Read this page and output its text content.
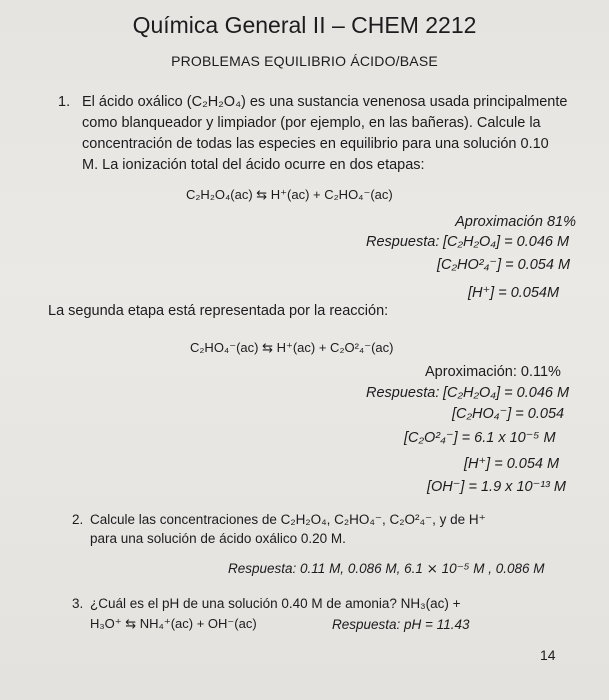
Química General II – CHEM 2212
PROBLEMAS EQUILIBRIO ÁCIDO/BASE
1. El ácido oxálico (C₂H₂O₄) es una sustancia venenosa usada principalmente
como blanqueador y limpiador (por ejemplo, en las bañeras). Calcule la
concentración de todas las especies en equilibrio para una solución 0.10
M. La ionización total del ácido ocurre en dos etapas:
C₂H₂O₄(ac) ⇆ H⁺(ac) + C₂HO₄⁻(ac)
Aproximación 81%
Respuesta: [C₂H₂O₄] = 0.046 M
[C₂HO²₄⁻] = 0.054 M
[H⁺] = 0.054M
La segunda etapa está representada por la reacción:
C₂HO₄⁻(ac) ⇆ H⁺(ac) + C₂O²₄⁻(ac)
Aproximación: 0.11%
Respuesta: [C₂H₂O₄] = 0.046 M
[C₂HO₄⁻] = 0.054
[C₂O²₄⁻] = 6.1 x 10⁻⁵ M
[H⁺] = 0.054 M
[OH⁻] = 1.9 x 10⁻¹³ M
2. Calcule las concentraciones de C₂H₂O₄, C₂HO₄⁻, C₂O²₄⁻, y de H⁺
para una solución de ácido oxálico 0.20 M.
Respuesta: 0.11 M, 0.086 M, 6.1 ⨯ 10⁻⁵ M , 0.086 M
3. ¿Cuál es el pH de una solución 0.40 M de amonia? NH₃(ac) +
H₃O⁺ ⇆ NH₄⁺(ac) + OH⁻(ac)	Respuesta: pH = 11.43
14
